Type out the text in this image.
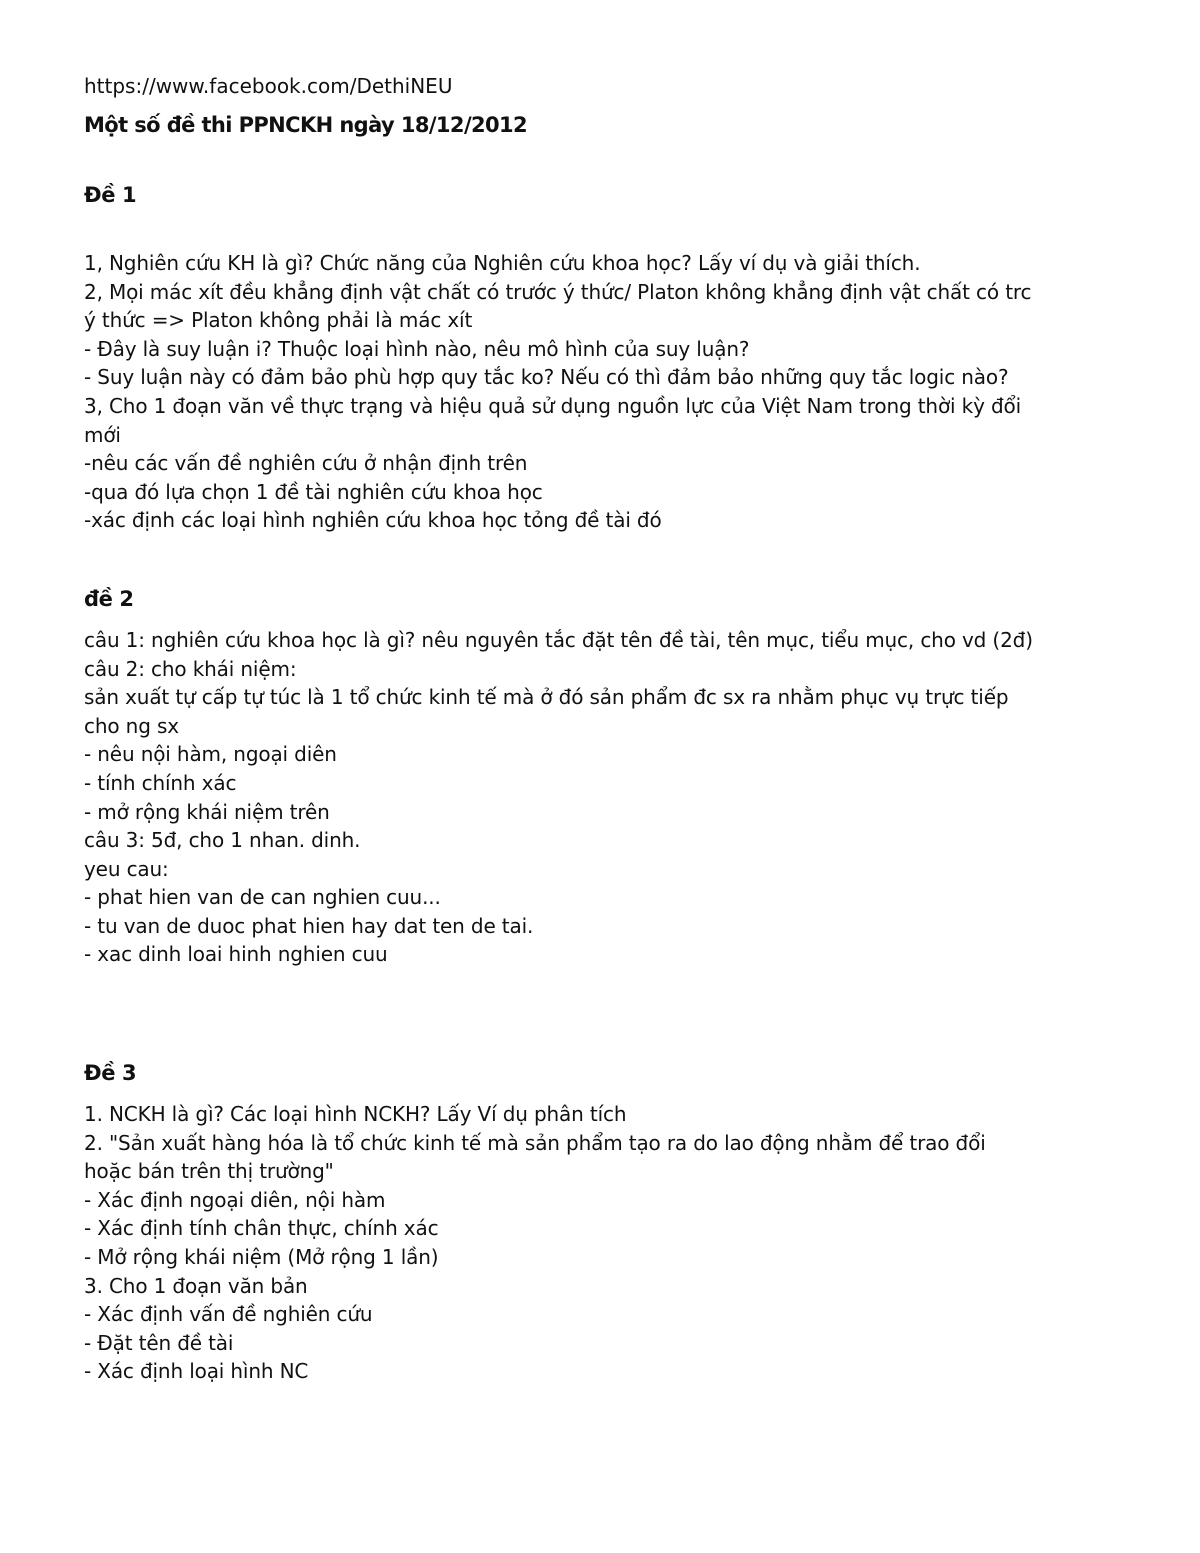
https://www.facebook.com/DethiNEU
Một số đề thi PPNCKH ngày 18/12/2012
Đề 1
1, Nghiên cứu KH là gì? Chức năng của Nghiên cứu khoa học? Lấy ví dụ và giải thích.
2, Mọi mác xít đều khẳng định vật chất có trước ý thức/ Platon không khẳng định vật chất có trc
ý thức => Platon không phải là mác xít
- Đây là suy luận i? Thuộc loại hình nào, nêu mô hình của suy luận?
- Suy luận này có đảm bảo phù hợp quy tắc ko? Nếu có thì đảm bảo những quy tắc logic nào?
3, Cho 1 đoạn văn về thực trạng và hiệu quả sử dụng nguồn lực của Việt Nam trong thời kỳ đổi
mới
-nêu các vấn đề nghiên cứu ở nhận định trên
-qua đó lựa chọn 1 đề tài nghiên cứu khoa học
-xác định các loại hình nghiên cứu khoa học tỏng đề tài đó
đề 2
câu 1: nghiên cứu khoa học là gì? nêu nguyên tắc đặt tên đề tài, tên mục, tiểu mục, cho vd (2đ)
câu 2: cho khái niệm:
sản xuất tự cấp tự túc là 1 tổ chức kinh tế mà ở đó sản phẩm đc sx ra nhằm phục vụ trực tiếp
cho ng sx
- nêu nội hàm, ngoại diên
- tính chính xác
- mở rộng khái niệm trên
câu 3: 5đ, cho 1 nhan. dinh.
yeu cau:
- phat hien van de can nghien cuu...
- tu van de duoc phat hien hay dat ten de tai.
- xac dinh loai hinh nghien cuu
Đề 3
1. NCKH là gì? Các loại hình NCKH? Lấy Ví dụ phân tích
2. "Sản xuất hàng hóa là tổ chức kinh tế mà sản phẩm tạo ra do lao động nhằm để trao đổi
hoặc bán trên thị trường"
- Xác định ngoại diên, nội hàm
- Xác định tính chân thực, chính xác
- Mở rộng khái niệm (Mở rộng 1 lần)
3. Cho 1 đoạn văn bản
- Xác định vấn đề nghiên cứu
- Đặt tên đề tài
- Xác định loại hình NC
